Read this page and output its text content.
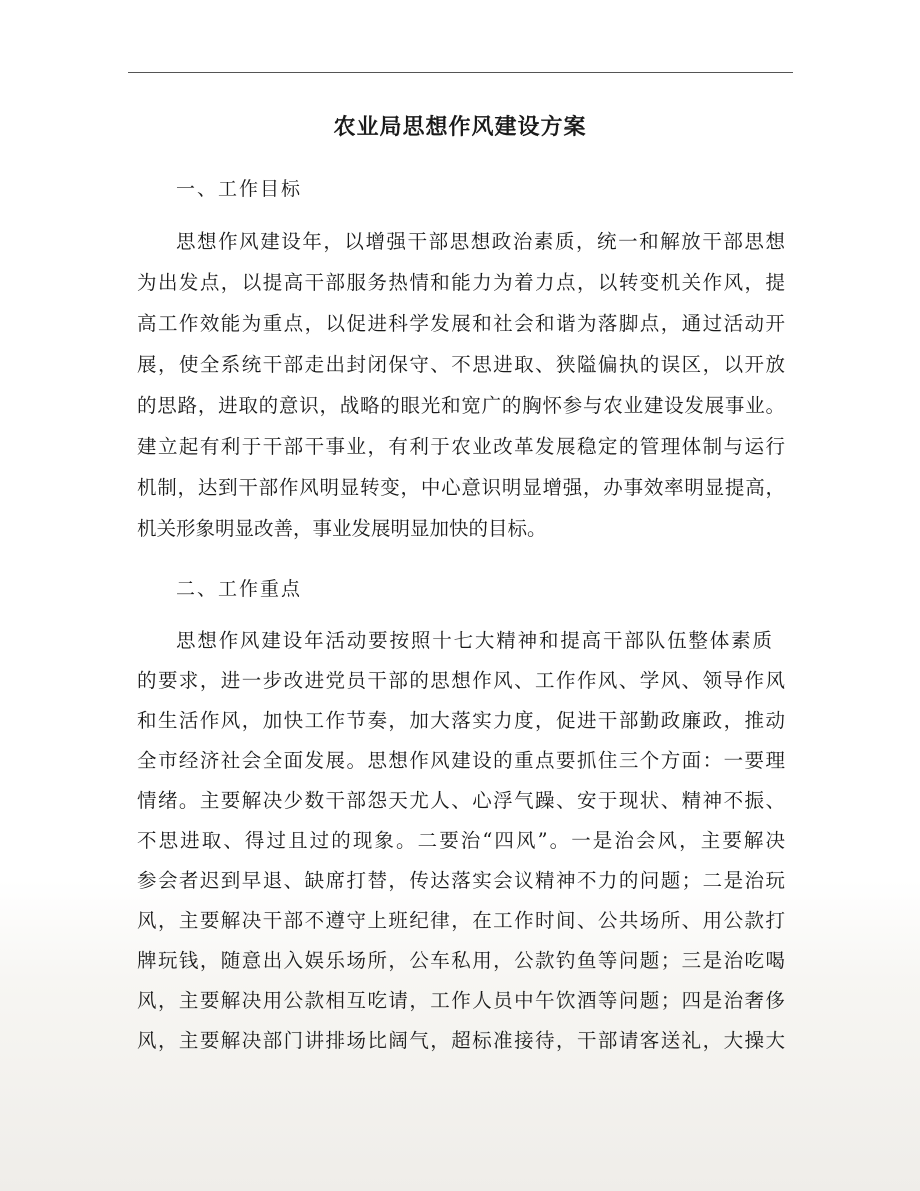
农业局思想作风建设方案

一、工作目标

思想作风建设年，以增强干部思想政治素质，统一和解放干部思想

为出发点，以提高干部服务热情和能力为着力点，以转变机关作风，提

高工作效能为重点，以促进科学发展和社会和谐为落脚点，通过活动开

展，使全系统干部走出封闭保守、不思进取、狭隘偏执的误区，以开放

的思路，进取的意识，战略的眼光和宽广的胸怀参与农业建设发展事业。

建立起有利于干部干事业，有利于农业改革发展稳定的管理体制与运行

机制，达到干部作风明显转变，中心意识明显增强，办事效率明显提高，

机关形象明显改善，事业发展明显加快的目标。

二、工作重点

思想作风建设年活动要按照十七大精神和提高干部队伍整体素质

的要求，进一步改进党员干部的思想作风、工作作风、学风、领导作风

和生活作风，加快工作节奏，加大落实力度，促进干部勤政廉政，推动

全市经济社会全面发展。思想作风建设的重点要抓住三个方面：一要理

情绪。主要解决少数干部怨天尤人、心浮气躁、安于现状、精神不振、

不思进取、得过且过的现象。二要治“四风”。一是治会风，主要解决

参会者迟到早退、缺席打替，传达落实会议精神不力的问题；二是治玩

风，主要解决干部不遵守上班纪律，在工作时间、公共场所、用公款打

牌玩钱，随意出入娱乐场所，公车私用，公款钓鱼等问题；三是治吃喝

风，主要解决用公款相互吃请，工作人员中午饮酒等问题；四是治奢侈

风，主要解决部门讲排场比阔气，超标准接待，干部请客送礼，大操大
